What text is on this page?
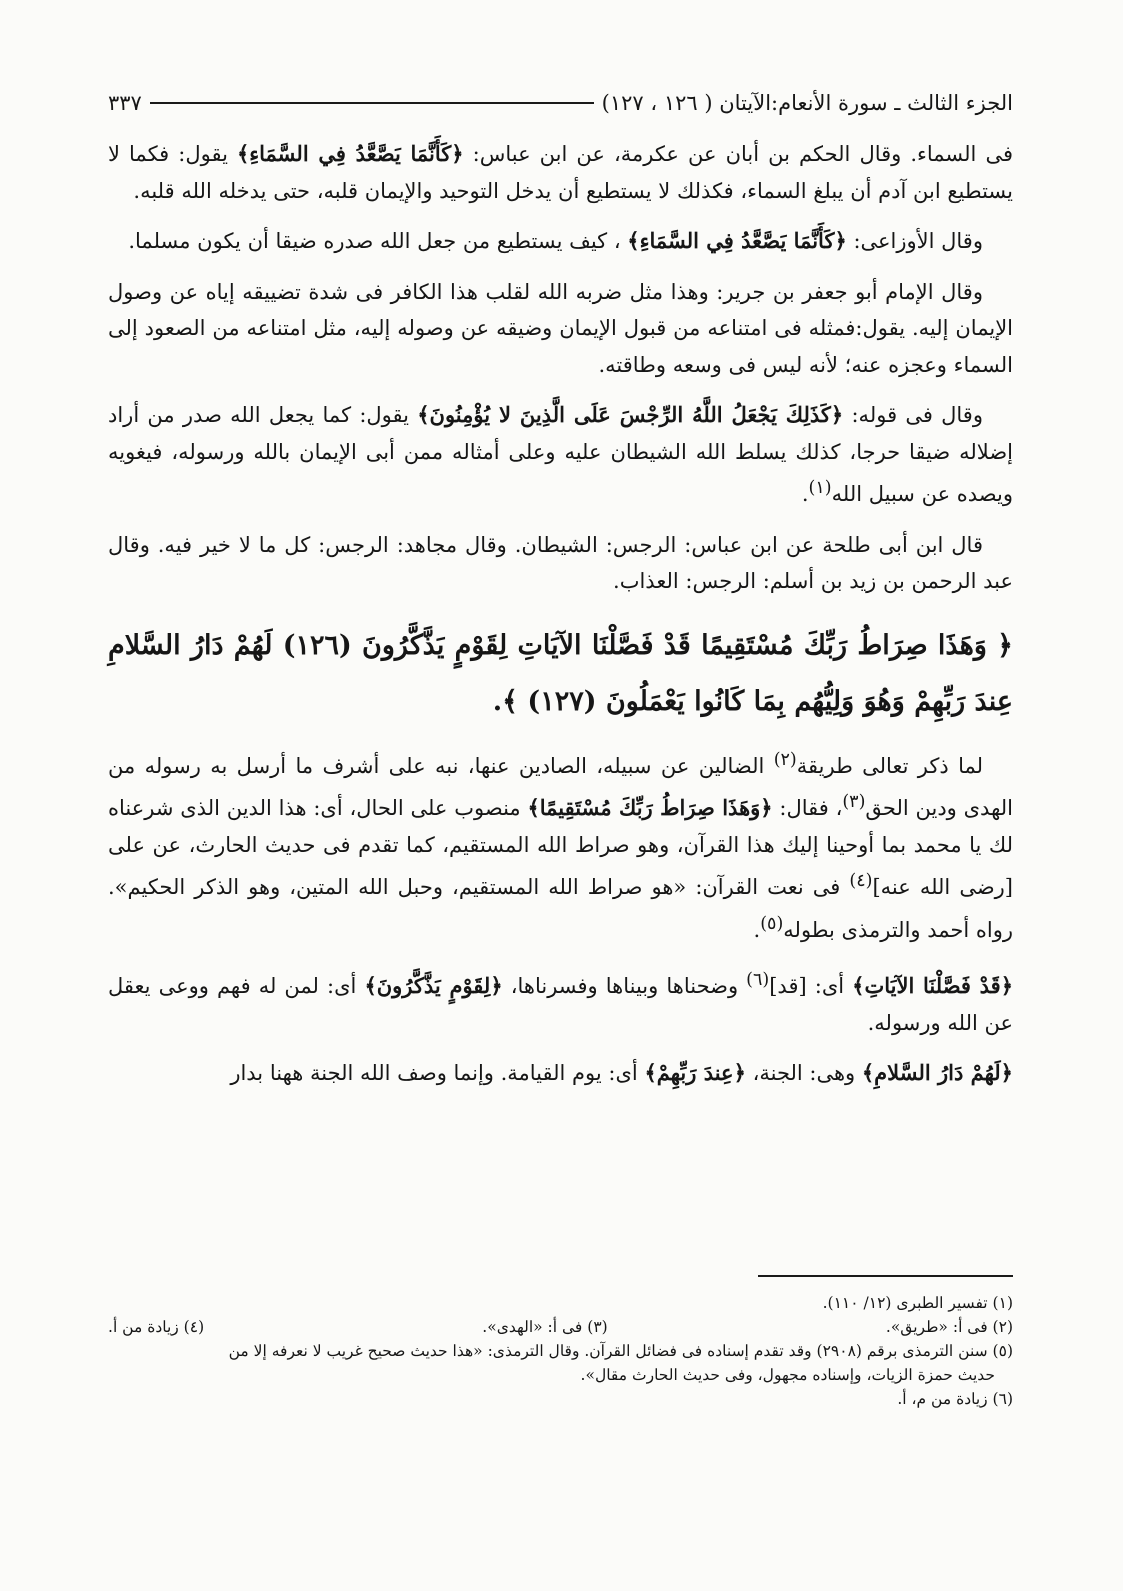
الجزء الثالث ـ سورة الأنعام:الآيتان ( ١٢٦ ، ١٢٧)
٣٣٧

فى السماء. وقال الحكم بن أبان عن عكرمة، عن ابن عباس: ﴿كَأَنَّمَا يَصَّعَّدُ فِي السَّمَاءِ﴾ يقول: فكما لا يستطيع ابن آدم أن يبلغ السماء، فكذلك لا يستطيع أن يدخل التوحيد والإيمان قلبه، حتى يدخله الله قلبه.

وقال الأوزاعى: ﴿كَأَنَّمَا يَصَّعَّدُ فِي السَّمَاءِ﴾ ، كيف يستطيع من جعل الله صدره ضيقا أن يكون مسلما.

وقال الإمام أبو جعفر بن جرير: وهذا مثل ضربه الله لقلب هذا الكافر فى شدة تضييقه إياه عن وصول الإيمان إليه. يقول:فمثله فى امتناعه من قبول الإيمان وضيقه عن وصوله إليه، مثل امتناعه من الصعود إلى السماء وعجزه عنه؛ لأنه ليس فى وسعه وطاقته.

وقال فى قوله: ﴿كَذَلِكَ يَجْعَلُ اللَّهُ الرِّجْسَ عَلَى الَّذِينَ لا يُؤْمِنُونَ﴾ يقول: كما يجعل الله صدر من أراد إضلاله ضيقا حرجا، كذلك يسلط الله الشيطان عليه وعلى أمثاله ممن أبى الإيمان بالله ورسوله، فيغويه ويصده عن سبيل الله$^{(١)}$.

قال ابن أبى طلحة عن ابن عباس: الرجس: الشيطان. وقال مجاهد: الرجس: كل ما لا خير فيه. وقال عبد الرحمن بن زيد بن أسلم: الرجس: العذاب.

﴿ وَهَذَا صِرَاطُ رَبِّكَ مُسْتَقِيمًا قَدْ فَصَّلْنَا الآيَاتِ لِقَوْمٍ يَذَّكَّرُونَ (١٢٦) لَهُمْ دَارُ السَّلامِ عِندَ رَبِّهِمْ وَهُوَ وَلِيُّهُم بِمَا كَانُوا يَعْمَلُونَ (١٢٧) ﴾.

لما ذكر تعالى طريقة$^{(٢)}$ الضالين عن سبيله، الصادين عنها، نبه على أشرف ما أرسل به رسوله من الهدى ودين الحق$^{(٣)}$، فقال: ﴿وَهَذَا صِرَاطُ رَبِّكَ مُسْتَقِيمًا﴾ منصوب على الحال، أى: هذا الدين الذى شرعناه لك يا محمد بما أوحينا إليك هذا القرآن، وهو صراط الله المستقيم، كما تقدم فى حديث الحارث، عن على [رضى الله عنه]$^{(٤)}$ فى نعت القرآن: «هو صراط الله المستقيم، وحبل الله المتين، وهو الذكر الحكيم». رواه أحمد والترمذى بطوله$^{(٥)}$.

﴿قَدْ فَصَّلْنَا الآيَاتِ﴾ أى: [قد]$^{(٦)}$ وضحناها وبيناها وفسرناها، ﴿لِقَوْمٍ يَذَّكَّرُونَ﴾ أى: لمن له فهم ووعى يعقل عن الله ورسوله.

﴿لَهُمْ دَارُ السَّلامِ﴾ وهى: الجنة، ﴿عِندَ رَبِّهِمْ﴾ أى: يوم القيامة. وإنما وصف الله الجنة ههنا بدار

(١) تفسير الطبرى (١٢/ ١١٠).

(٢) فى أ: «طريق».
(٣) فى أ: «الهدى».
(٤) زيادة من أ.

(٥) سنن الترمذى برقم (٢٩٠٨) وقد تقدم إسناده فى فضائل القرآن. وقال الترمذى: «هذا حديث صحيح غريب لا نعرفه إلا من

حديث حمزة الزيات، وإسناده مجهول، وفى حديث الحارث مقال».

(٦) زيادة من م، أ.
